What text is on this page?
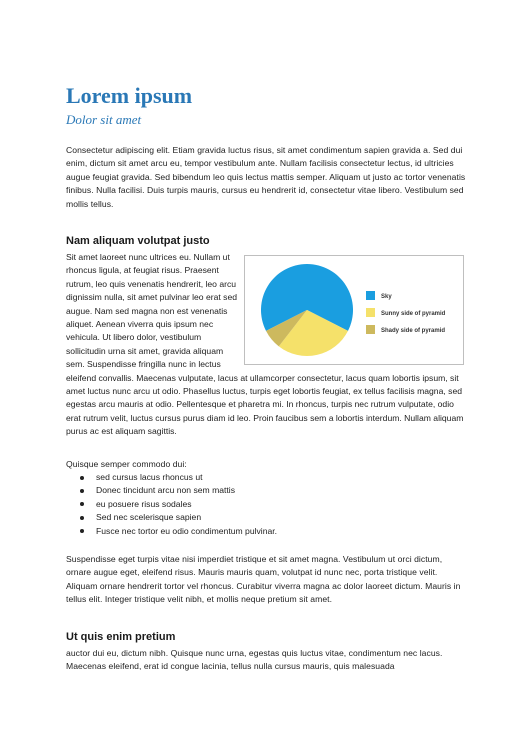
Lorem ipsum
Dolor sit amet

Consectetur adipiscing elit. Etiam gravida luctus risus, sit amet condimentum sapien gravida a. Sed dui enim, dictum sit amet arcu eu, tempor vestibulum ante. Nullam facilisis consectetur lectus, id ultricies augue feugiat gravida. Sed bibendum leo quis lectus mattis semper. Aliquam ut justo ac tortor venenatis finibus. Nulla facilisi. Duis turpis mauris, cursus eu hendrerit id, consectetur vitae libero. Vestibulum sed mollis tellus.

Nam aliquam volutpat justo

Sit amet laoreet nunc ultrices eu. Nullam ut rhoncus ligula, at feugiat risus. Praesent rutrum, leo quis venenatis hendrerit, leo arcu dignissim nulla, sit amet pulvinar leo erat sed augue. Nam sed magna non est venenatis aliquet. Aenean viverra quis ipsum nec vehicula. Ut libero dolor, vestibulum sollicitudin urna sit amet, gravida aliquam sem. Suspendisse fringilla nunc in lectus eleifend convallis. Maecenas vulputate, lacus at ullamcorper consectetur, lacus quam lobortis ipsum, sit amet luctus nunc arcu ut odio. Phasellus luctus, turpis eget lobortis feugiat, ex tellus facilisis magna, sed egestas arcu mauris at odio. Pellentesque et pharetra mi. In rhoncus, turpis nec rutrum vulputate, odio erat rutrum velit, luctus cursus purus diam id leo. Proin faucibus sem a lobortis interdum. Nullam aliquam purus ac est aliquam sagittis.

Sky
Sunny side of pyramid
Shady side of pyramid

Quisque semper commodo dui:

sed cursus lacus rhoncus ut
Donec tincidunt arcu non sem mattis
eu posuere risus sodales
Sed nec scelerisque sapien
Fusce nec tortor eu odio condimentum pulvinar.

Suspendisse eget turpis vitae nisi imperdiet tristique et sit amet magna. Vestibulum ut orci dictum, ornare augue eget, eleifend risus. Mauris mauris quam, volutpat id nunc nec, porta tristique velit. Aliquam ornare hendrerit tortor vel rhoncus. Curabitur viverra magna ac dolor laoreet dictum. Mauris in tellus elit. Integer tristique velit nibh, et mollis neque pretium sit amet.

Ut quis enim pretium

auctor dui eu, dictum nibh. Quisque nunc urna, egestas quis luctus vitae, condimentum nec lacus. Maecenas eleifend, erat id congue lacinia, tellus nulla cursus mauris, quis malesuada
